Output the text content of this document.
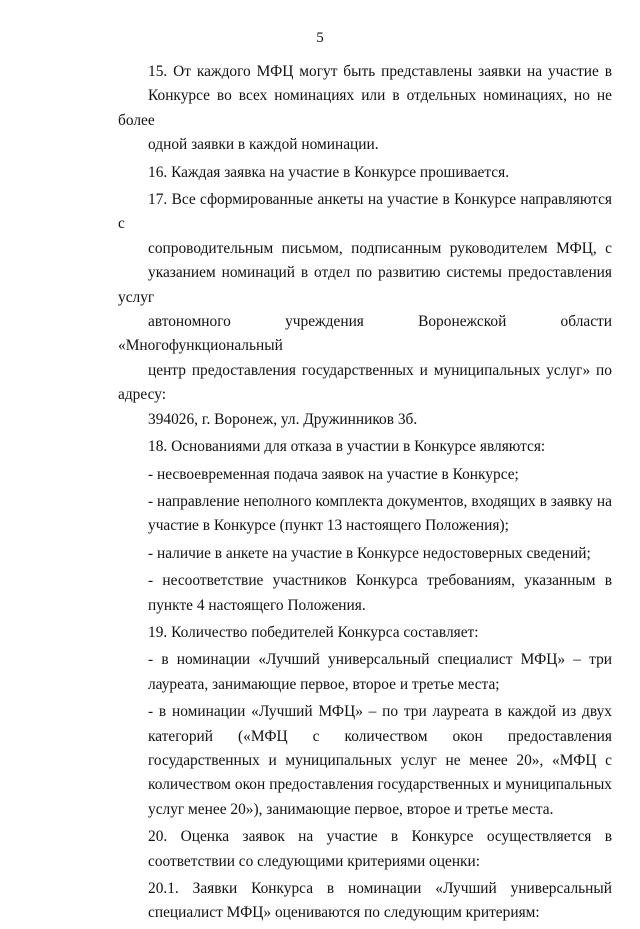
5

15. От каждого МФЦ могут быть представлены заявки на участие в
Конкурсе во всех номинациях или в отдельных номинациях, но не более
одной заявки в каждой номинации.

16. Каждая заявка на участие в Конкурсе прошивается.

17. Все сформированные анкеты на участие в Конкурсе направляются с
сопроводительным письмом, подписанным руководителем МФЦ, с
указанием номинаций в отдел по развитию системы предоставления услуг
автономного учреждения Воронежской области «Многофункциональный
центр предоставления государственных и муниципальных услуг» по адресу:
394026, г. Воронеж, ул. Дружинников 3б.

18. Основаниями для отказа в участии в Конкурсе являются:

- несвоевременная подача заявок на участие в Конкурсе;

- направление неполного комплекта документов, входящих в заявку на
участие в Конкурсе (пункт 13 настоящего Положения);

- наличие в анкете на участие в Конкурсе недостоверных сведений;

- несоответствие участников Конкурса требованиям, указанным в
пункте 4 настоящего Положения.

19. Количество победителей Конкурса составляет:

- в номинации «Лучший универсальный специалист МФЦ» – три
лауреата, занимающие первое, второе и третье места;

- в номинации «Лучший МФЦ» – по три лауреата в каждой из двух
категорий («МФЦ с количеством окон предоставления
государственных и муниципальных услуг не менее 20», «МФЦ с
количеством окон предоставления государственных и муниципальных
услуг менее 20»), занимающие первое, второе и третье места.

20. Оценка заявок на участие в Конкурсе осуществляется в
соответствии со следующими критериями оценки:

20.1. Заявки Конкурса в номинации «Лучший универсальный
специалист МФЦ» оцениваются по следующим критериям:
